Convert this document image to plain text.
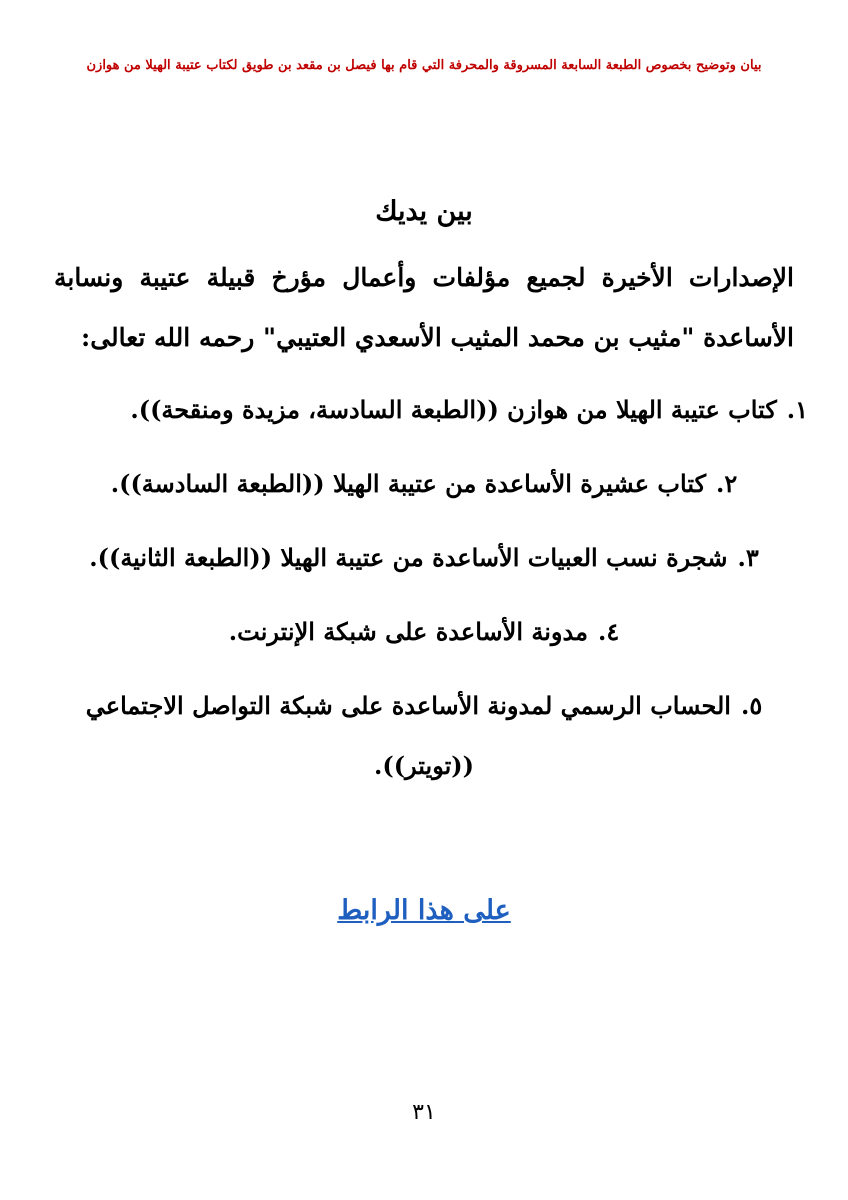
بيان وتوضيح بخصوص الطبعة السابعة المسروقة والمحرفة التي قام بها فيصل بن مقعد بن طويق لكتاب عتيبة الهيلا من هوازن
بين يديك
الإصدارات الأخيرة لجميع مؤلفات وأعمال مؤرخ قبيلة عتيبة ونسابة الأساعدة "مثيب بن محمد المثيب الأسعدي العتيبي" رحمه الله تعالى:
١.كتاب عتيبة الهيلا من هوازن ((الطبعة السادسة، مزيدة ومنقحة)).
٢.كتاب عشيرة الأساعدة من عتيبة الهيلا ((الطبعة السادسة)).
٣.شجرة نسب العبيات الأساعدة من عتيبة الهيلا ((الطبعة الثانية)).
٤.مدونة الأساعدة على شبكة الإنترنت.
٥.الحساب الرسمي لمدونة الأساعدة على شبكة التواصل الاجتماعي ((تويتر)).
على هذا الرابط
٣١
